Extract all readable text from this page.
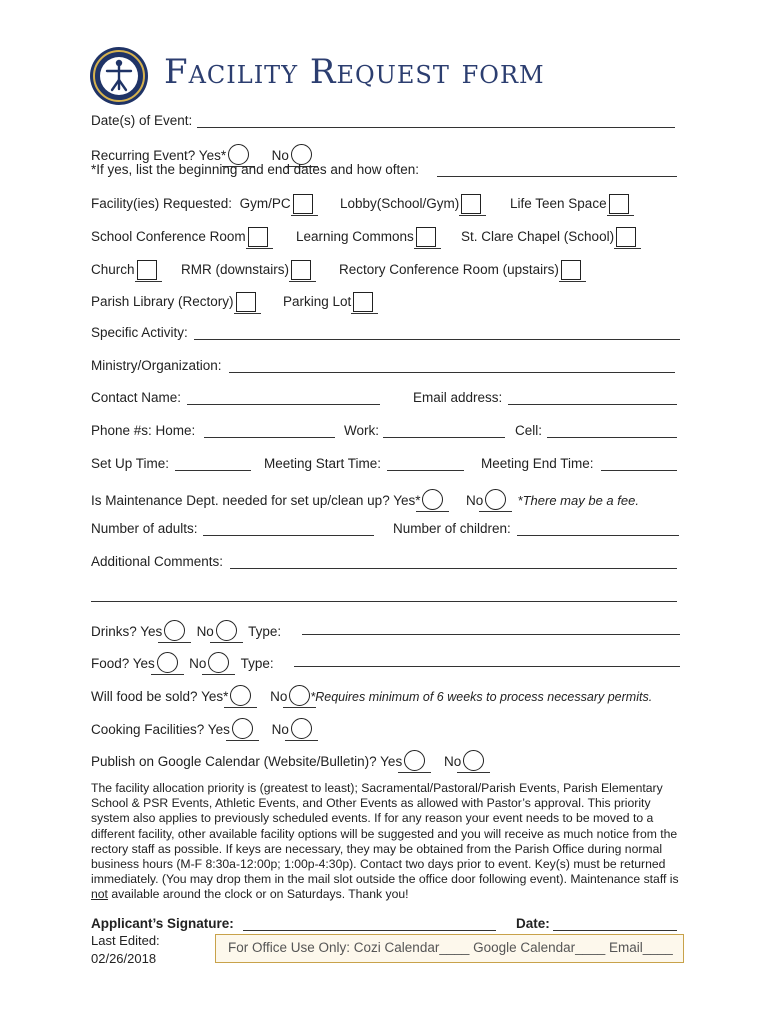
Facility Request form
Date(s) of Event:
Recurring Event? Yes*	No
*If yes, list the beginning and end dates and how often:
Facility(ies) Requested: Gym/PC	Lobby(School/Gym)	Life Teen Space
School Conference Room	Learning Commons	St. Clare Chapel (School)
Church	RMR (downstairs)	Rectory Conference Room (upstairs)
Parish Library (Rectory)	Parking Lot
Specific Activity:
Ministry/Organization:
Contact Name:	Email address:
Phone #s: Home:	Work:	Cell:
Set Up Time:	Meeting Start Time:	Meeting End Time:
Is Maintenance Dept. needed for set up/clean up? Yes*	No	*There may be a fee.
Number of adults:	Number of children:
Additional Comments:
Drinks? Yes	No	Type:
Food? Yes	No	Type:
Will food be sold? Yes*	No *Requires minimum of 6 weeks to process necessary permits.
Cooking Facilities? Yes	No
Publish on Google Calendar (Website/Bulletin)? Yes	No
The facility allocation priority is (greatest to least); Sacramental/Pastoral/Parish Events, Parish Elementary School & PSR Events, Athletic Events, and Other Events as allowed with Pastor’s approval. This priority system also applies to previously scheduled events. If for any reason your event needs to be moved to a different facility, other available facility options will be suggested and you will receive as much notice from the rectory staff as possible. If keys are necessary, they may be obtained from the Parish Office during normal business hours (M-F 8:30a-12:00p; 1:00p-4:30p). Contact two days prior to event. Key(s) must be returned immediately. (You may drop them in the mail slot outside the office door following event). Maintenance staff is not available around the clock or on Saturdays. Thank you!
Applicant’s Signature:	Date:
Last Edited:
02/26/2018
For Office Use Only: Cozi Calendar____ Google Calendar____ Email____
